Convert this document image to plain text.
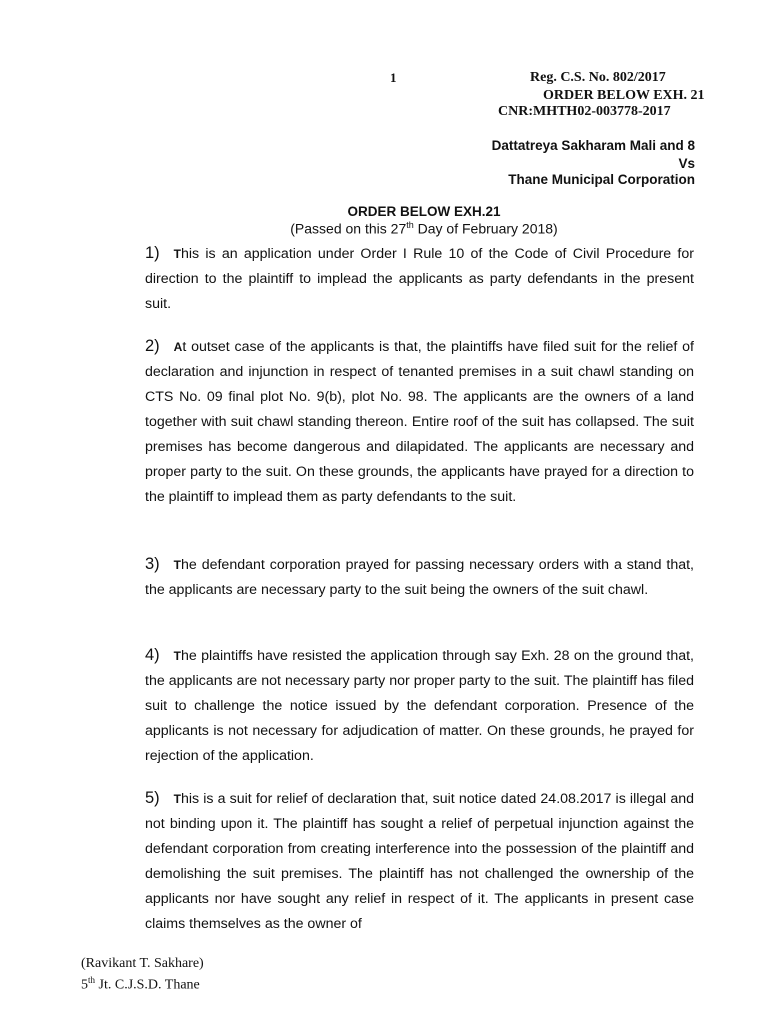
1	Reg. C.S. No. 802/2017
ORDER BELOW EXH. 21
CNR:MHTH02-003778-2017
Dattatreya Sakharam Mali and 8
Vs
Thane Municipal Corporation
ORDER BELOW EXH.21
(Passed on this 27th Day of February 2018)
1) This is an application under Order I Rule 10 of the Code of Civil Procedure for direction to the plaintiff to implead the applicants as party defendants in the present suit.
2) At outset case of the applicants is that, the plaintiffs have filed suit for the relief of declaration and injunction in respect of tenanted premises in a suit chawl standing on CTS No. 09 final plot No. 9(b), plot No. 98. The applicants are the owners of a land together with suit chawl standing thereon. Entire roof of the suit has collapsed. The suit premises has become dangerous and dilapidated. The applicants are necessary and proper party to the suit. On these grounds, the applicants have prayed for a direction to the plaintiff to implead them as party defendants to the suit.
3) The defendant corporation prayed for passing necessary orders with a stand that, the applicants are necessary party to the suit being the owners of the suit chawl.
4) The plaintiffs have resisted the application through say Exh. 28 on the ground that, the applicants are not necessary party nor proper party to the suit. The plaintiff has filed suit to challenge the notice issued by the defendant corporation. Presence of the applicants is not necessary for adjudication of matter. On these grounds, he prayed for rejection of the application.
5) This is a suit for relief of declaration that, suit notice dated 24.08.2017 is illegal and not binding upon it. The plaintiff has sought a relief of perpetual injunction against the defendant corporation from creating interference into the possession of the plaintiff and demolishing the suit premises. The plaintiff has not challenged the ownership of the applicants nor have sought any relief in respect of it. The applicants in present case claims themselves as the owner of
(Ravikant T. Sakhare)
5th Jt. C.J.S.D. Thane
